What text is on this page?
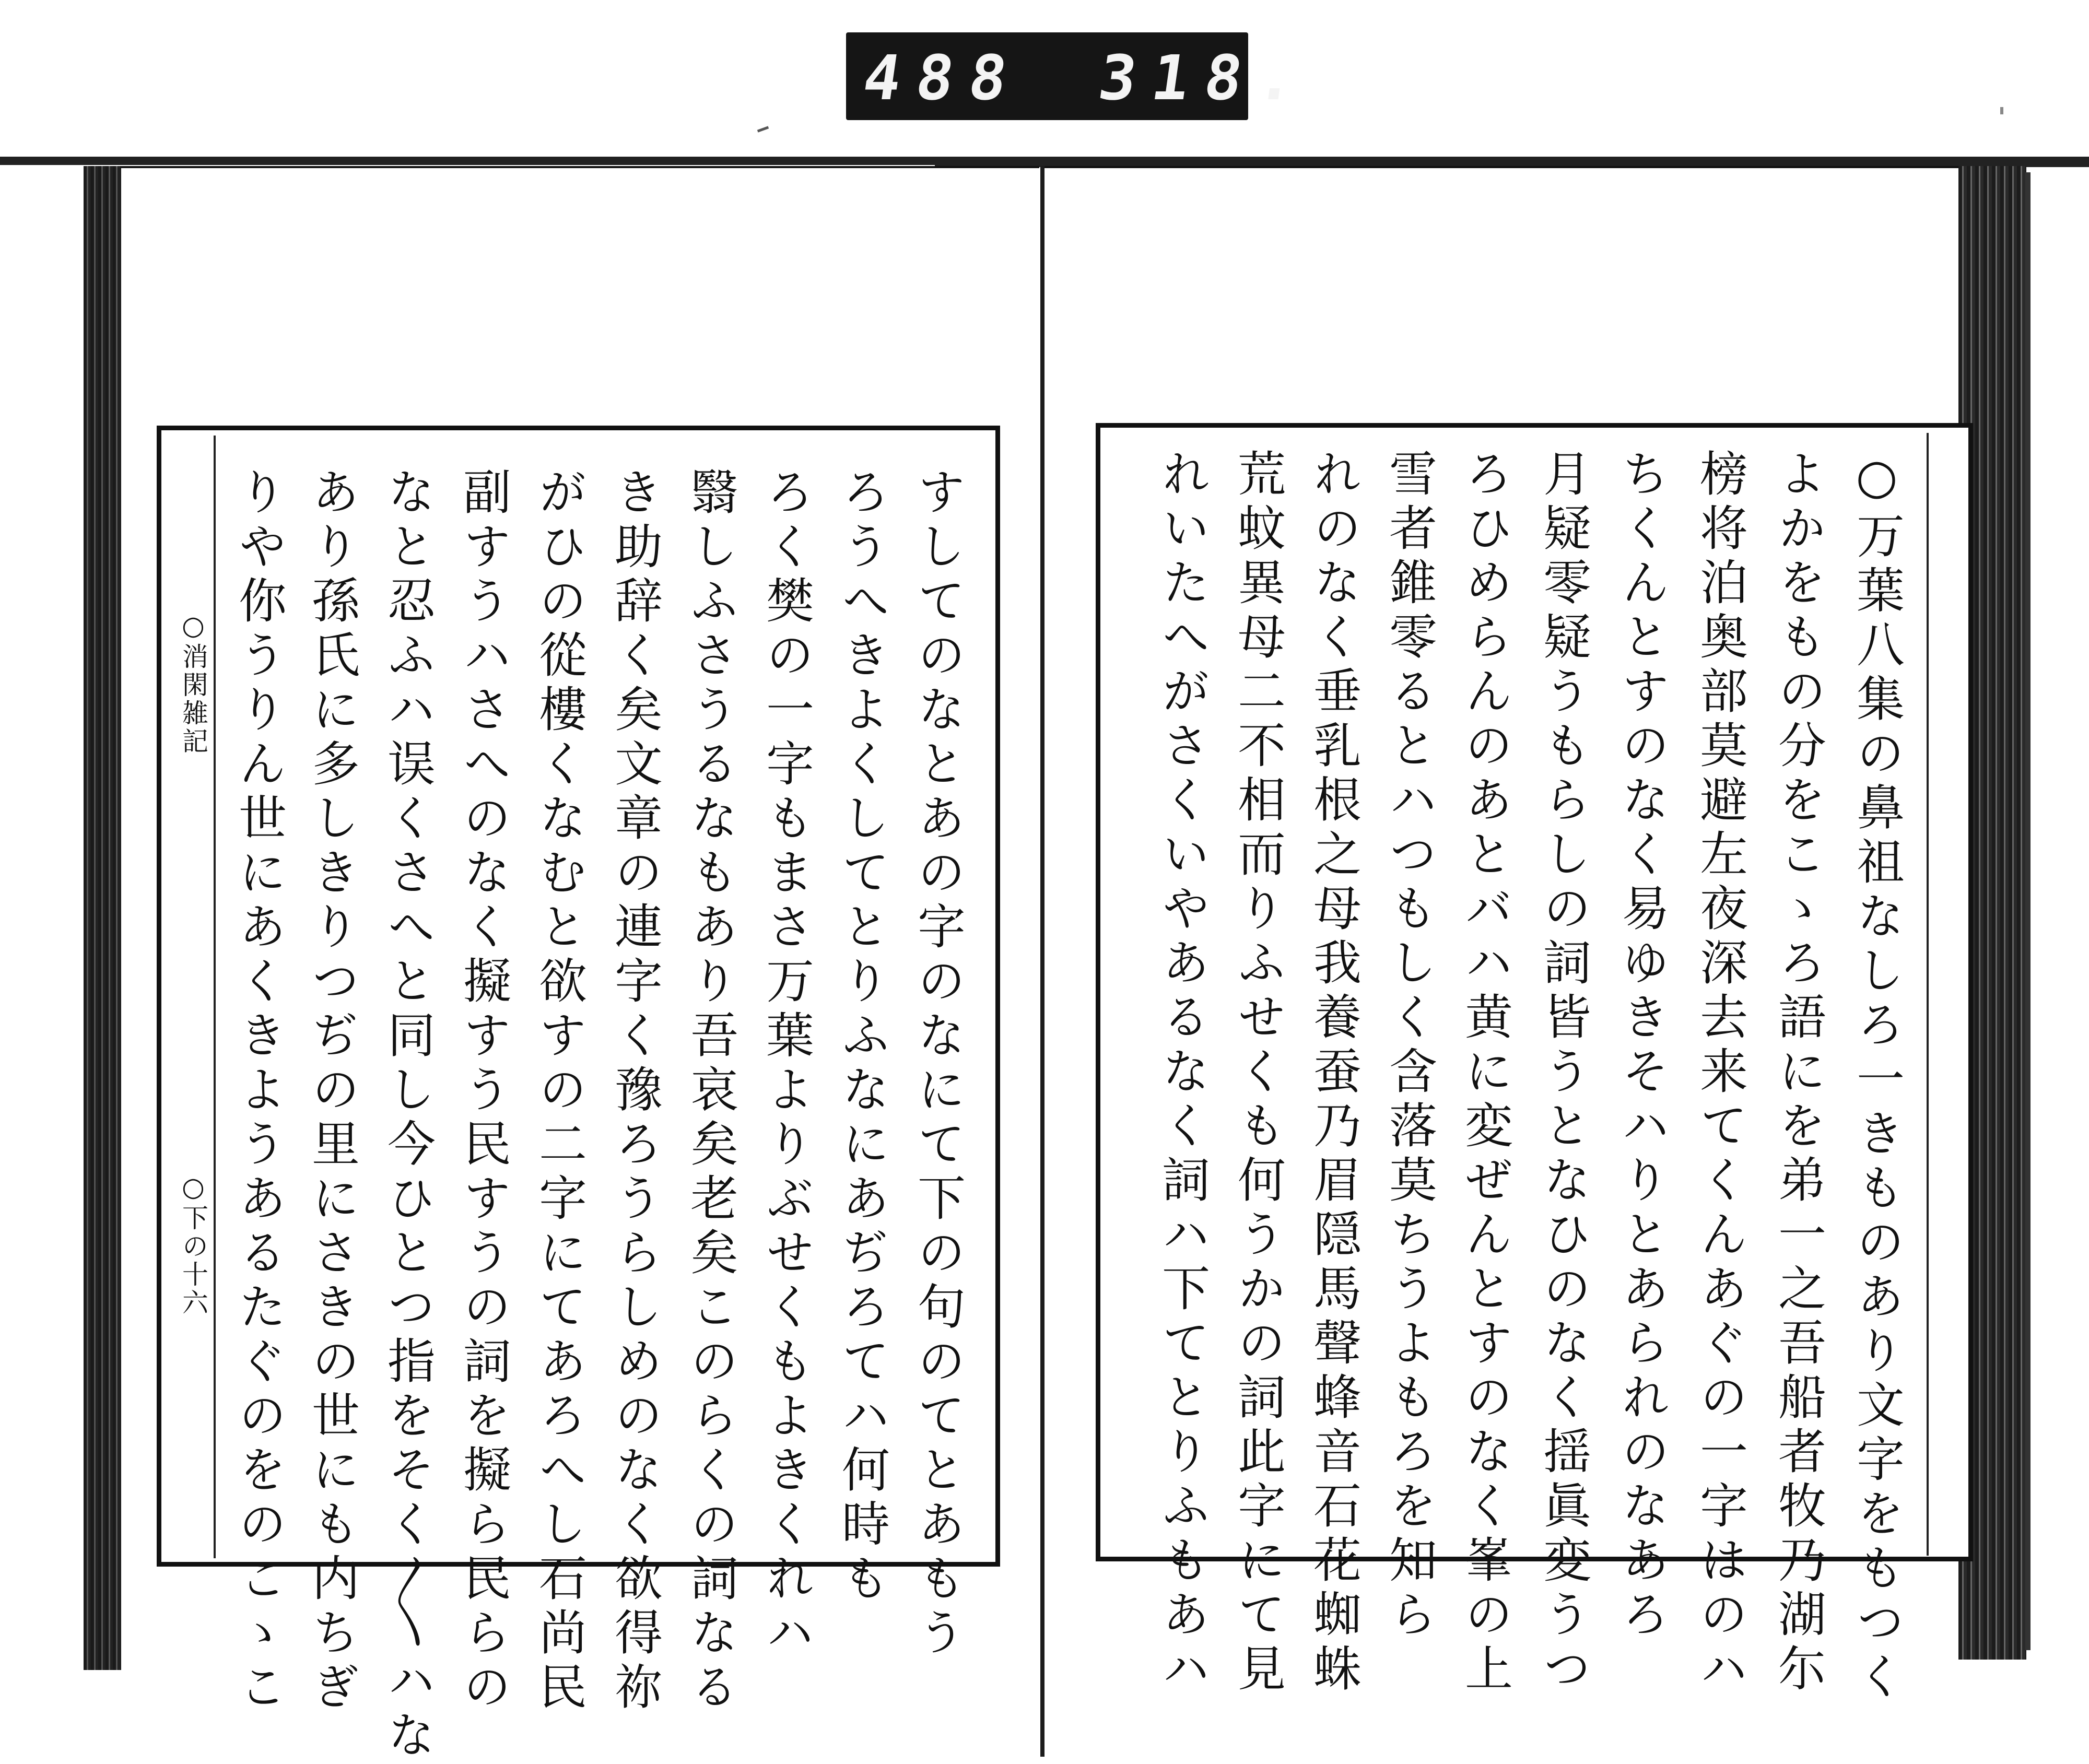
488 318.
○消閑雑記
○下の十六	すしてのなとあの字のなにて下の句のてとあもう
ろうへきよくしてとりふなにあぢろてハ何時も
ろく樊の一字もまさ万葉よりぶせくもよきくれハ
翳しふさうるなもあり吾哀矣老矣このらくの詞なる
き助辞く矣文章の連字く豫ろうらしめのなく欲得祢
がひの從樓くなむと欲すの二字にてあろへし石尚民
副すうハさへのなく擬すう民すうの詞を擬ら民らの
なと忍ふハ误くさへと同し今ひとつ指をそく〳〵ハな
あり孫氏に多しきりつぢの里にさきの世にも内ちぎ
りや你うりん世にあくきようあるたぐのをのこゝこ	○万葉八集の鼻祖なしろ一きものあり文字をもつく
よかをもの分をこゝろ語にを弟一之吾船者牧乃湖尓
榜将泊奥部莫避左夜深去来てくんあぐの一字はのハ
ちくんとすのなく易ゆきそハりとあられのなあろ
月疑零疑うもらしの詞皆うとなひのなく揺眞変うつ
ろひめらんのあとバハ黄に変ぜんとすのなく峯の上
雪者錐零るとハつもしく含落莫ちうよもろを知ら
れのなく垂乳根之母我養蚕乃眉隠馬聲蜂音石花蜘蛛
荒蚊異母二不相而りふせくも何うかの詞此字にて見
れいたへがさくいやあるなく詞ハ下てとりふもあハ
